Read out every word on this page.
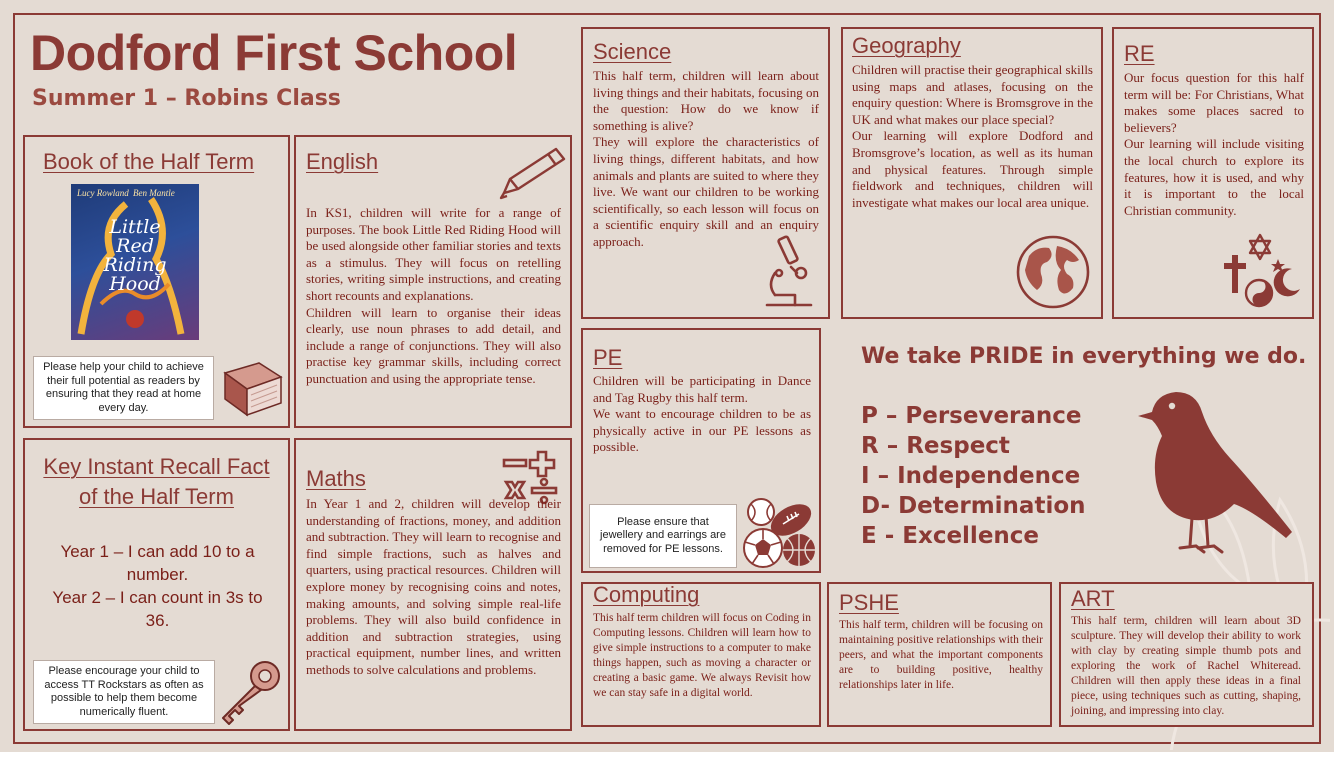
Dodford First School
Summer 1 – Robins Class
Book of the Half Term
Lucy Rowland Ben Mantle
Little
Red
Riding
Hood
Please help your child to achieve their full potential as readers by ensuring that they read at home every day.
English

In KS1, children will write for a range of purposes. The book Little Red Riding Hood will be used alongside other familiar stories and texts as a stimulus. They will focus on retelling stories, writing simple instructions, and creating short recounts and explanations.

Children will learn to organise their ideas clearly, use noun phrases to add detail, and include a range of conjunctions. They will also practise key grammar skills, including correct punctuation and using the appropriate tense.

Science

This half term, children will learn about living things and their habitats, focusing on the question: How do we know if something is alive?

They will explore the characteristics of living things, different habitats, and how animals and plants are suited to where they live. We want our children to be working scientifically, so each lesson will focus on a scientific enquiry skill and an enquiry approach.

Geography

Children will practise their geographical skills using maps and atlases, focusing on the enquiry question: Where is Bromsgrove in the UK and what makes our place special?

Our learning will explore Dodford and Bromsgrove’s location, as well as its human and physical features. Through simple fieldwork and techniques, children will investigate what makes our local area unique.

RE

Our focus question for this half term will be: For Christians, What makes some places sacred to believers?

Our learning will include visiting the local church to explore its features, how it is used, and why it is important to the local Christian community.

PE

Children will be participating in Dance and Tag Rugby this half term.

We want to encourage children to be as physically active in our PE lessons as possible.

Please ensure that jewellery and earrings are removed for PE lessons.
We take PRIDE in everything we do.
P – Perseverance
R – Respect
I – Independence
D- Determination
E - Excellence
Key Instant Recall Fact
of the Half Term
Year 1 – I can add 10 to a number.
Year 2 – I can count in 3s to 36.
Please encourage your child to access TT Rockstars as often as possible to help them become numerically fluent.
Maths

In Year 1 and 2, children will develop their understanding of fractions, money, and addition and subtraction. They will learn to recognise and find simple fractions, such as halves and quarters, using practical resources. Children will explore money by recognising coins and notes, making amounts, and solving simple real-life problems. They will also build confidence in addition and subtraction strategies, using practical equipment, number lines, and written methods to solve calculations and problems.

Computing

This half term children will focus on Coding in Computing lessons. Children will learn how to give simple instructions to a computer to make things happen, such as moving a character or creating a basic game. We always Revisit how we can stay safe in a digital world.

PSHE

This half term, children will be focusing on maintaining positive relationships with their peers, and what the important components are to building positive, healthy relationships later in life.

ART

This half term, children will learn about 3D sculpture. They will develop their ability to work with clay by creating simple thumb pots and exploring the work of Rachel Whiteread. Children will then apply these ideas in a final piece, using techniques such as cutting, shaping, joining, and impressing into clay.
